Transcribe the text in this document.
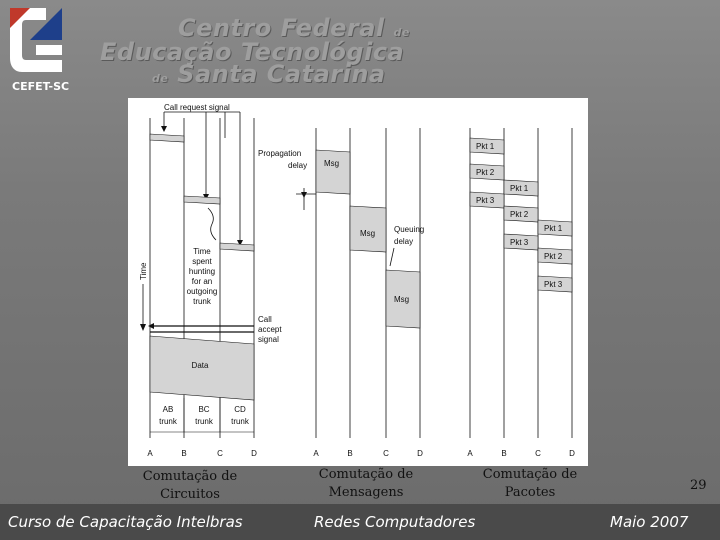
CEFET-SC
Centro Federal de
Educação Tecnológica
de Santa Catarina
Time
Call request signal
Time
spent
hunting
for an
outgoing
trunk
Call
accept
signal
Data
AB
trunk
BC
trunk
CD
trunk
A	B	C	D
Propagation
delay Msg
Msg Queuing
delay
Msg
A	B	C	D
Pkt 1
Pkt 2
Pkt 3
Pkt 1
Pkt 2
Pkt 3
Pkt 1
Pkt 2
Pkt 3
A	B	C	D
Comutação de
Circuitos
Comutação de
Mensagens
Comutação de
Pacotes	29
Curso de Capacitação Intelbras	Redes Computadores	Maio 2007
